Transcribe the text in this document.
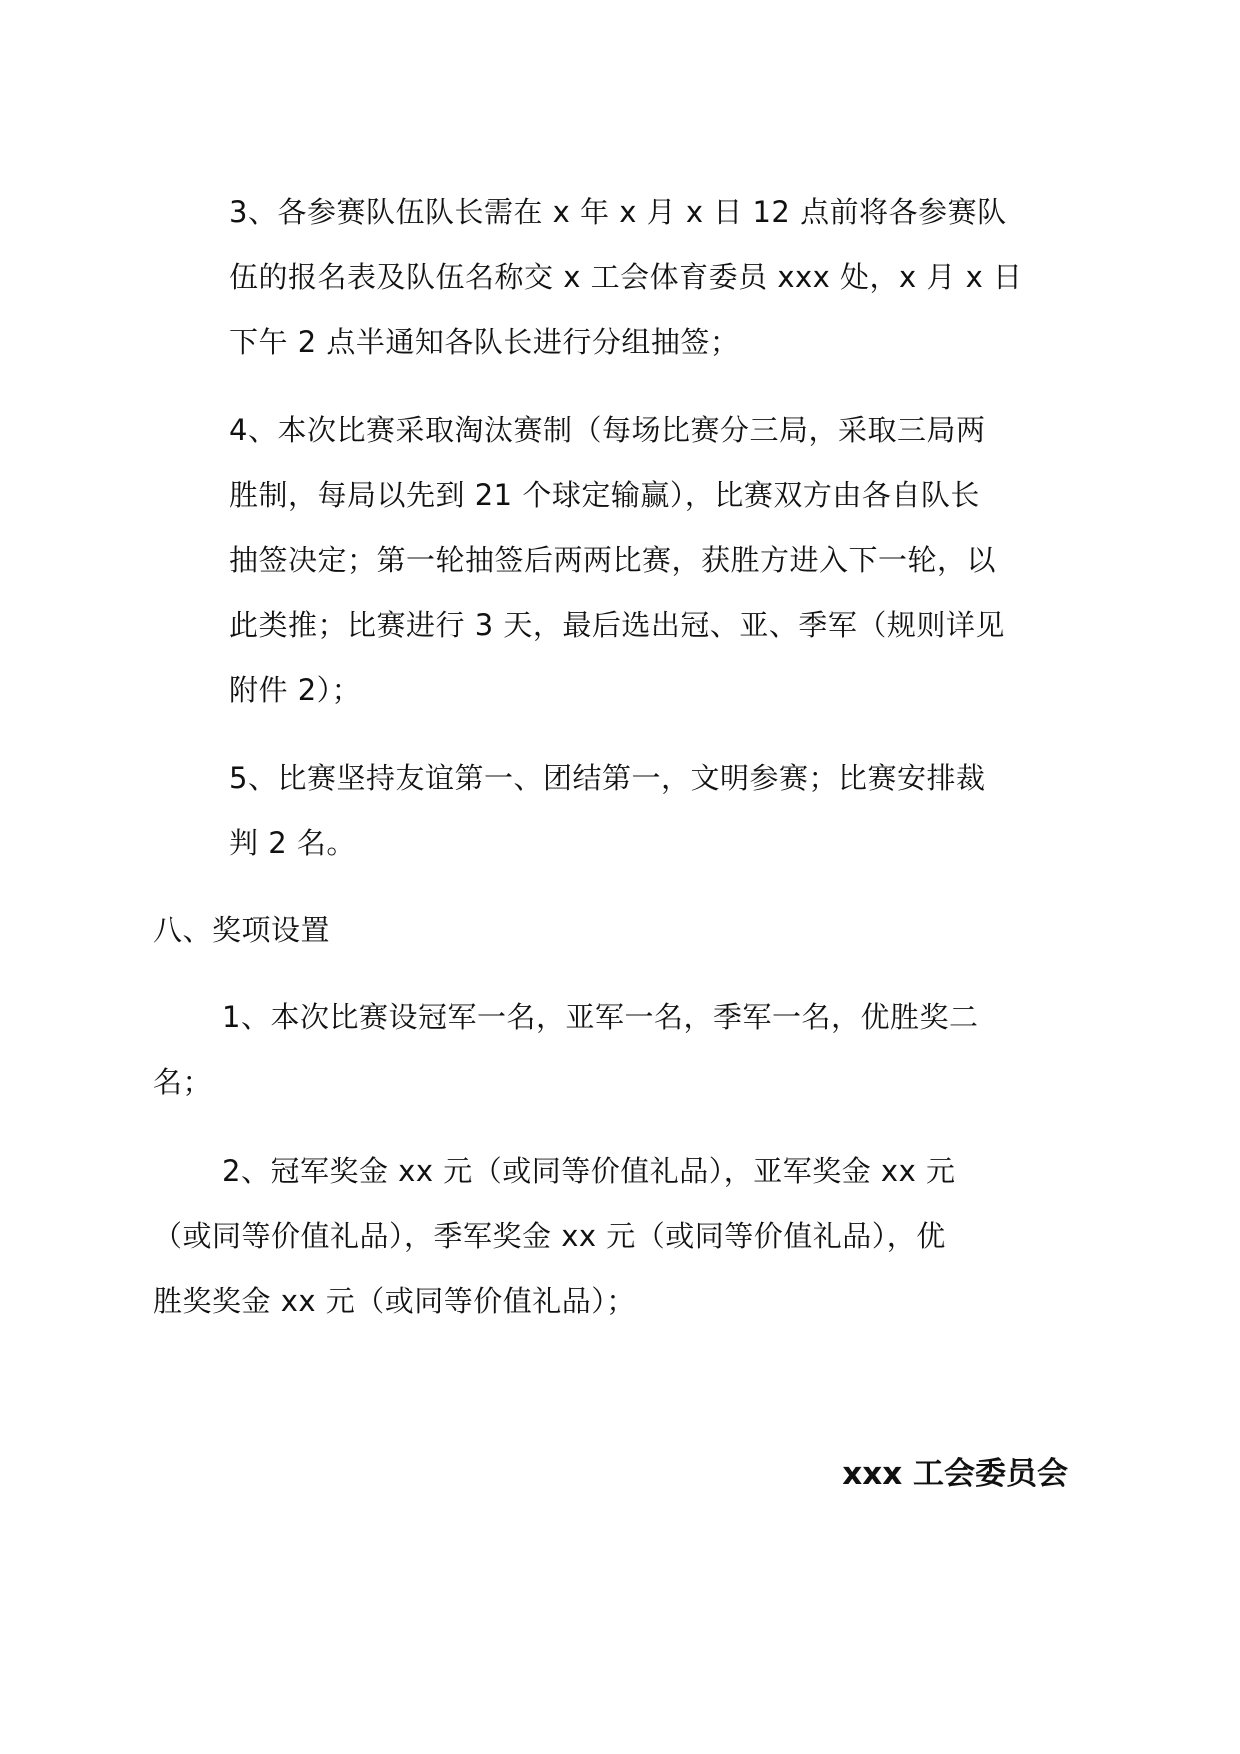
3、各参赛队伍队长需在 x 年 x 月 x 日 12 点前将各参赛队
伍的报名表及队伍名称交 x 工会体育委员 xxx 处，x 月 x 日
下午 2 点半通知各队长进行分组抽签；
4、本次比赛采取淘汰赛制（每场比赛分三局，采取三局两
胜制，每局以先到 21 个球定输赢），比赛双方由各自队长
抽签决定；第一轮抽签后两两比赛，获胜方进入下一轮，以
此类推；比赛进行 3 天，最后选出冠、亚、季军（规则详见
附件 2）；
5、比赛坚持友谊第一、团结第一，文明参赛；比赛安排裁
判 2 名。
八、奖项设置
1、本次比赛设冠军一名，亚军一名，季军一名，优胜奖二
名；
2、冠军奖金 xx 元（或同等价值礼品），亚军奖金 xx 元
（或同等价值礼品），季军奖金 xx 元（或同等价值礼品），优
胜奖奖金 xx 元（或同等价值礼品）；
xxx 工会委员会
